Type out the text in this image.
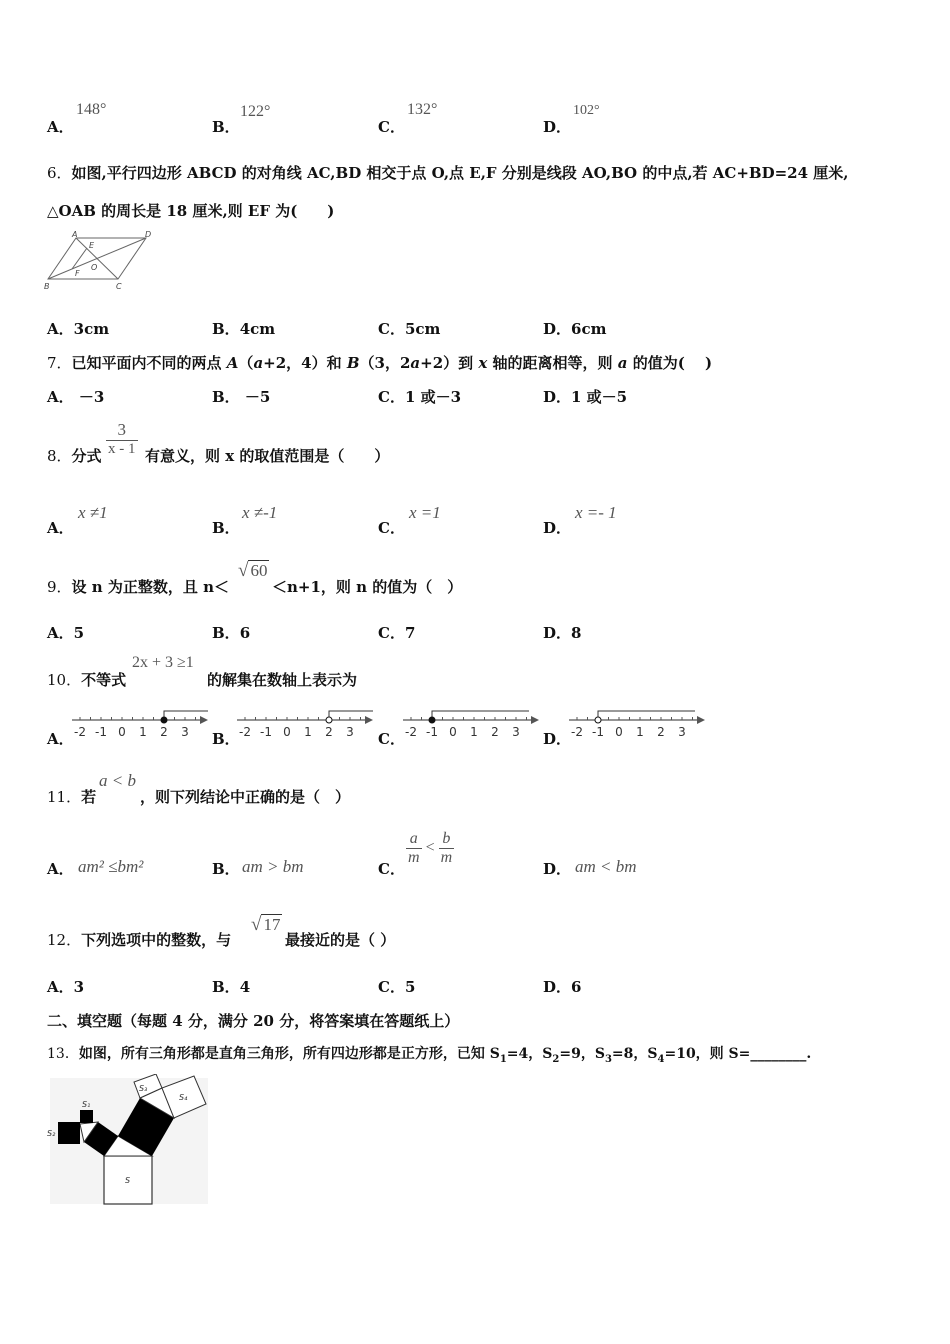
A．
148°
B．
122°
C．
132°
D．
102°
6．如图,平行四边形 ABCD 的对角线 AC,BD 相交于点 O,点 E,F 分别是线段 AO,BO 的中点,若 AC+BD=24 厘米,
△OAB 的周长是 18 厘米,则 EF 为(　　)
A	D
B	C
E
F
O
A．3cm	B．4cm	C．5cm	D．6cm
7．已知平面内不同的两点 A（a+2，4）和 B（3，2a+2）到 x 轴的距离相等，则 a 的值为(　 )
A． －3	B． －5	C．1 或－3	D．1 或－5
8．分式 $\frac{3}{x - 1}$ 有意义，则 x 的取值范围是（　　）
A．
x ≠1
B．
x ≠-1
C．
x =1
D．
x =- 1
9．设 n 为正整数，且 n＜
√ 60
＜n+1，则 n 的值为（　）
A．5	B．6	C．7	D．8
10．不等式
2x + 3 ≥1
的解集在数轴上表示为
A． -2 -1 0 1 2 3 B． -2 -1 0 1 2 3 C． -2 -1 0 1 2 3 D． -2 -1 0 1 2 3
11．若
a < b
，则下列结论中正确的是（　）
A． am² ≤bm²	B． am > bm	C．
$\frac{a}{m} < \frac{b}{m}$
D． am < bm
12．下列选项中的整数，与
√ 17
最接近的是（ ）
A．3	B．4	C．5	D．6
二、填空题（每题 4 分，满分 20 分，将答案填在答题纸上）
13．如图，所有三角形都是直角三角形，所有四边形都是正方形，已知 $S_1=4$，$S_2=9$，$S_3=8$，$S_4=10$，则 S=________.
S₁
S₂
S₃
S₄
S
